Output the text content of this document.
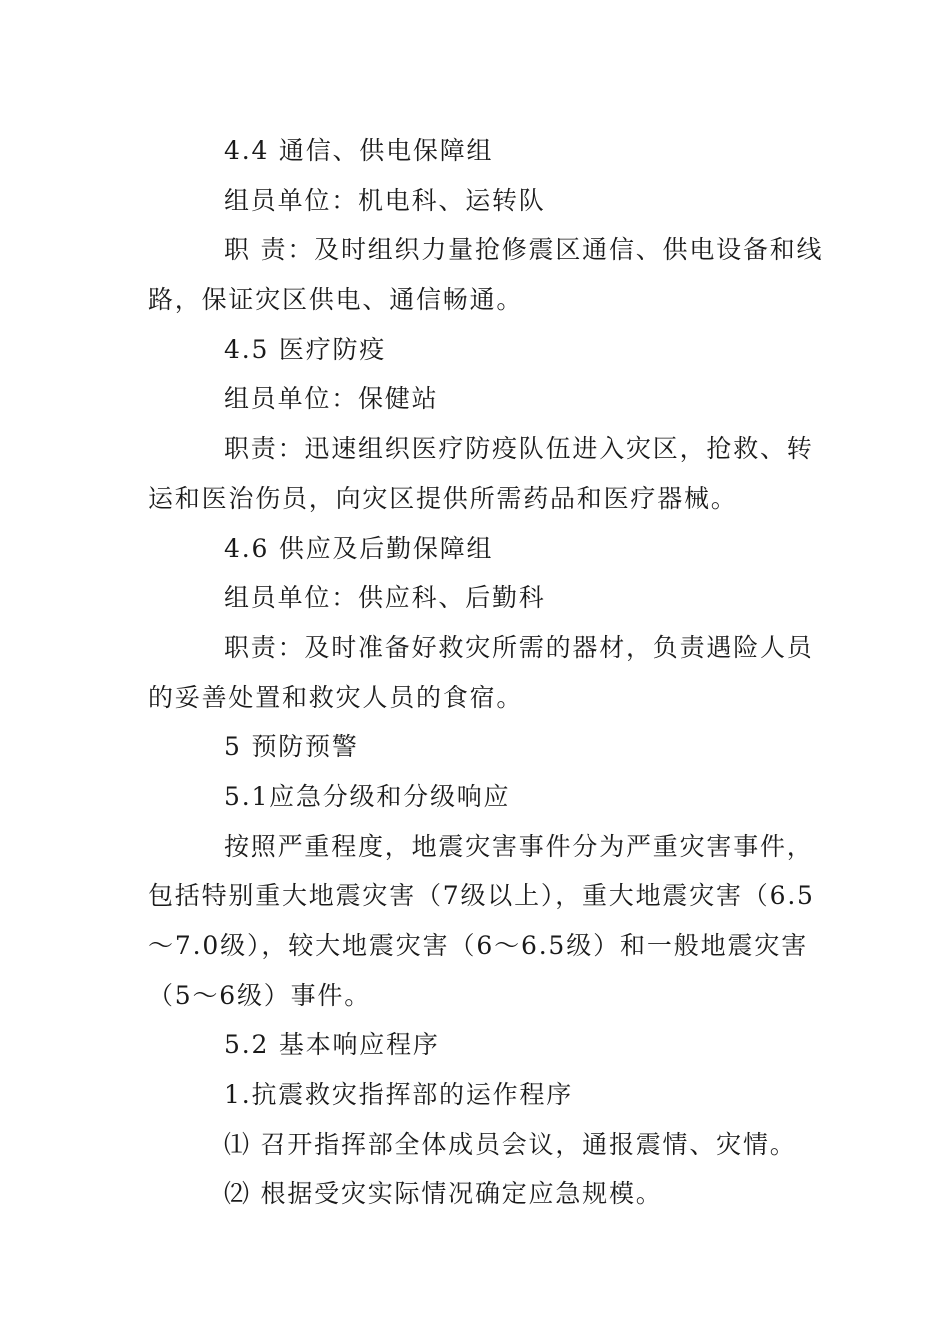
4.4 通信、供电保障组
组员单位：机电科、运转队
职 责：及时组织力量抢修震区通信、供电设备和线
路，保证灾区供电、通信畅通。
4.5 医疗防疫
组员单位：保健站
职责：迅速组织医疗防疫队伍进入灾区，抢救、转
运和医治伤员，向灾区提供所需药品和医疗器械。
4.6 供应及后勤保障组
组员单位：供应科、后勤科
职责：及时准备好救灾所需的器材，负责遇险人员
的妥善处置和救灾人员的食宿。
5 预防预警
5.1应急分级和分级响应
按照严重程度，地震灾害事件分为严重灾害事件，
包括特别重大地震灾害（7级以上），重大地震灾害（6.5
～7.0级），较大地震灾害（6～6.5级）和一般地震灾害
（5～6级）事件。
5.2 基本响应程序
1.抗震救灾指挥部的运作程序
⑴ 召开指挥部全体成员会议，通报震情、灾情。
⑵ 根据受灾实际情况确定应急规模。
